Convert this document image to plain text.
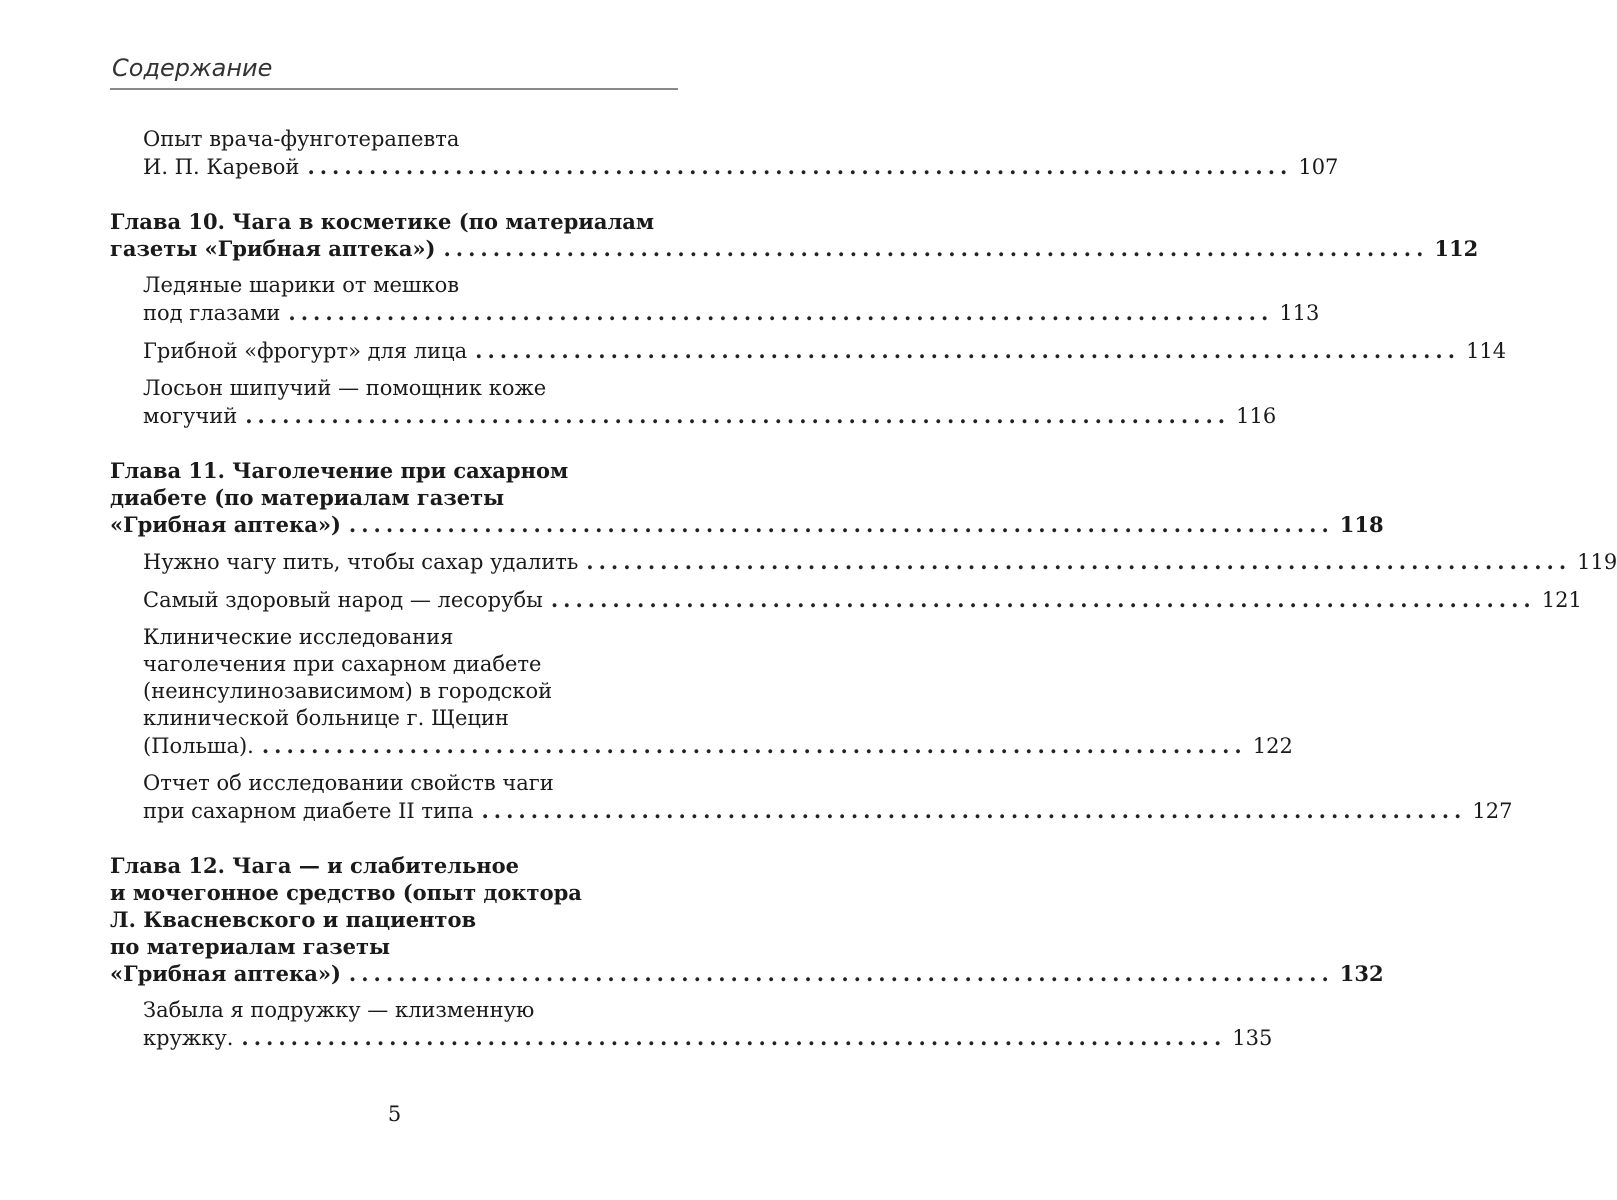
Содержание
Опыт врача-фунготерапевта
И. П. Каревой ................................................................................ 107
Глава 10. Чага в косметике (по материалам
газеты «Грибная аптека») ................................................................................ 112
Ледяные шарики от мешков
под глазами ................................................................................ 113
Грибной «фрогурт» для лица ................................................................................ 114
Лосьон шипучий — помощник коже
могучий ................................................................................ 116
Глава 11. Чаголечение при сахарном
диабете (по материалам газеты
«Грибная аптека») ................................................................................ 118
Нужно чагу пить, чтобы сахар удалить ................................................................................ 119
Самый здоровый народ — лесорубы ................................................................................ 121
Клинические исследования
чаголечения при сахарном диабете
(неинсулинозависимом) в городской
клинической больнице г. Щецин
(Польша). ................................................................................ 122
Отчет об исследовании свойств чаги
при сахарном диабете II типа ................................................................................ 127
Глава 12. Чага — и слабительное
и мочегонное средство (опыт доктора
Л. Квасневского и пациентов
по материалам газеты
«Грибная аптека») ................................................................................ 132
Забыла я подружку — клизменную
кружку. ................................................................................ 135
5
